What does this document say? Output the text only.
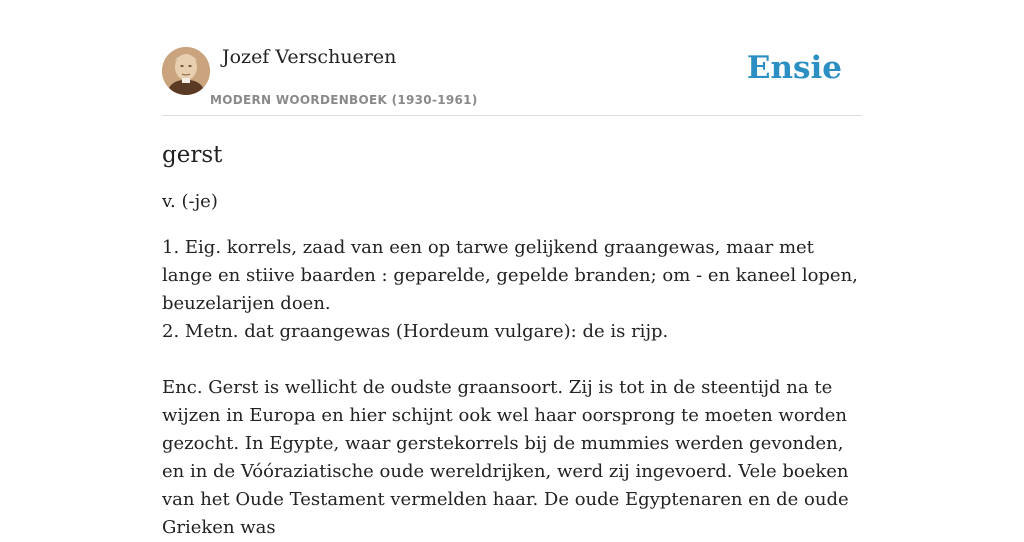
Jozef Verschueren
MODERN WOORDENBOEK (1930-1961)
Ensie
gerst
v. (-je)

1. Eig. korrels, zaad van een op tarwe gelijkend graangewas, maar met lange en stiive baarden : geparelde, gepelde branden; om - en kaneel lopen, beuzelarijen doen.

2. Metn. dat graangewas (Hordeum vulgare): de is rijp.

Enc. Gerst is wellicht de oudste graansoort. Zij is tot in de steentijd na te wijzen in Europa en hier schijnt ook wel haar oorsprong te moeten worden gezocht. In Egypte, waar gerstekorrels bij de mummies werden gevonden, en in de Vóóraziatische oude wereldrijken, werd zij ingevoerd. Vele boeken van het Oude Testament vermelden haar. De oude Egyptenaren en de oude Grieken was
